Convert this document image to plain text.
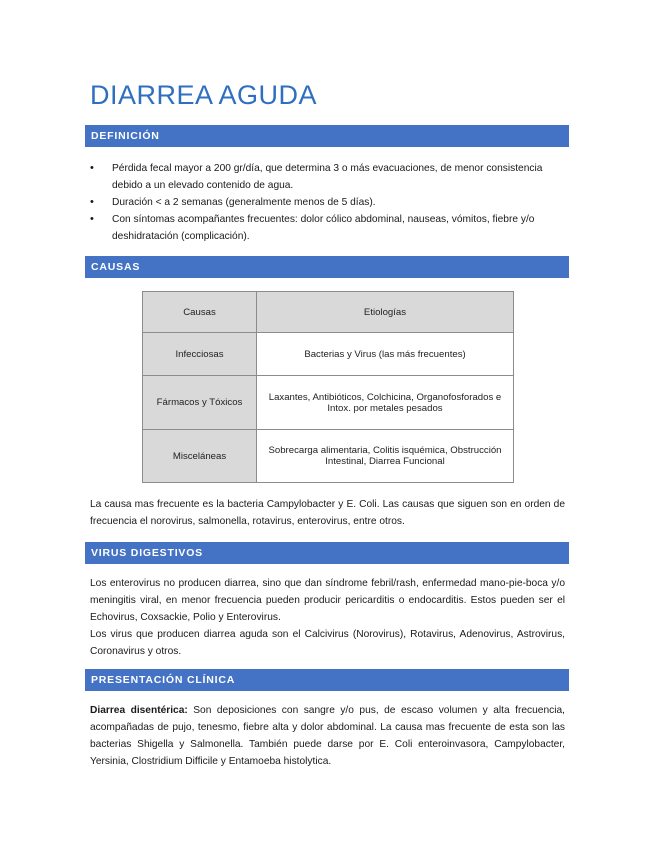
DIARREA AGUDA
DEFINICIÓN
• Pérdida fecal mayor a 200 gr/día, que determina 3 o más evacuaciones, de menor consistencia debido a un elevado contenido de agua.
• Duración < a 2 semanas (generalmente menos de 5 días).
• Con síntomas acompañantes frecuentes: dolor cólico abdominal, nauseas, vómitos, fiebre y/o deshidratación (complicación).
CAUSAS
Causas	Etiologías
Infecciosas	Bacterias y Virus (las más frecuentes)
Fármacos y Tóxicos	Laxantes, Antibióticos, Colchicina, Organofosforados e Intox. por metales pesados
Misceláneas	Sobrecarga alimentaria, Colitis isquémica, Obstrucción Intestinal, Diarrea Funcional

La causa mas frecuente es la bacteria Campylobacter y E. Coli. Las causas que siguen son en orden de frecuencia el norovirus, salmonella, rotavirus, enterovirus, entre otros.

VIRUS DIGESTIVOS

Los enterovirus no producen diarrea, sino que dan síndrome febril/rash, enfermedad mano-pie-boca y/o meningitis viral, en menor frecuencia pueden producir pericarditis o endocarditis. Estos pueden ser el Echovirus, Coxsackie, Polio y Enterovirus.

Los virus que producen diarrea aguda son el Calcivirus (Norovirus), Rotavirus, Adenovirus, Astrovirus, Coronavirus y otros.

PRESENTACIÓN CLÍNICA

Diarrea disentérica: Son deposiciones con sangre y/o pus, de escaso volumen y alta frecuencia, acompañadas de pujo, tenesmo, fiebre alta y dolor abdominal. La causa mas frecuente de esta son las bacterias Shigella y Salmonella. También puede darse por E. Coli enteroinvasora, Campylobacter, Yersinia, Clostridium Difficile y Entamoeba histolytica.
